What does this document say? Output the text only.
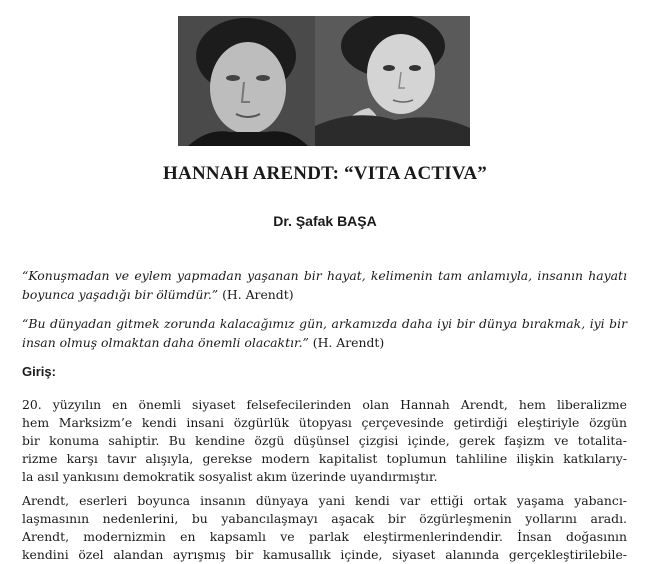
HANNAH ARENDT: “VITA ACTIVA”
Dr. Şafak BAŞA
“Konuşmadan ve eylem yapmadan yaşanan bir hayat, kelimenin tam anlamıyla, insanın hayatı boyunca yaşadığı bir ölümdür.” (H. Arendt)
“Bu dünyadan gitmek zorunda kalacağımız gün, arkamızda daha iyi bir dünya bırakmak, iyi bir insan olmuş olmaktan daha önemli olacaktır.” (H. Arendt)
Giriş:
20. yüzyılın en önemli siyaset felsefecilerinden olan Hannah Arendt, hem liberalizme
hem Marksizm’e kendi insani özgürlük ütopyası çerçevesinde getirdiği eleştiriyle özgün
bir konuma sahiptir. Bu kendine özgü düşünsel çizgisi içinde, gerek faşizm ve totalita-
rizme karşı tavır alışıyla, gerekse modern kapitalist toplumun tahliline ilişkin katkılarıy-
la asıl yankısını demokratik sosyalist akım üzerinde uyandırmıştır.
Arendt, eserleri boyunca insanın dünyaya yani kendi var ettiği ortak yaşama yabancı-
laşmasının nedenlerini, bu yabancılaşmayı aşacak bir özgürleşmenin yollarını aradı.
Arendt, modernizmin en kapsamlı ve parlak eleştirmenlerindendir. İnsan doğasının
kendini özel alandan ayrışmış bir kamusallık içinde, siyaset alanında gerçekleştirilebile-
